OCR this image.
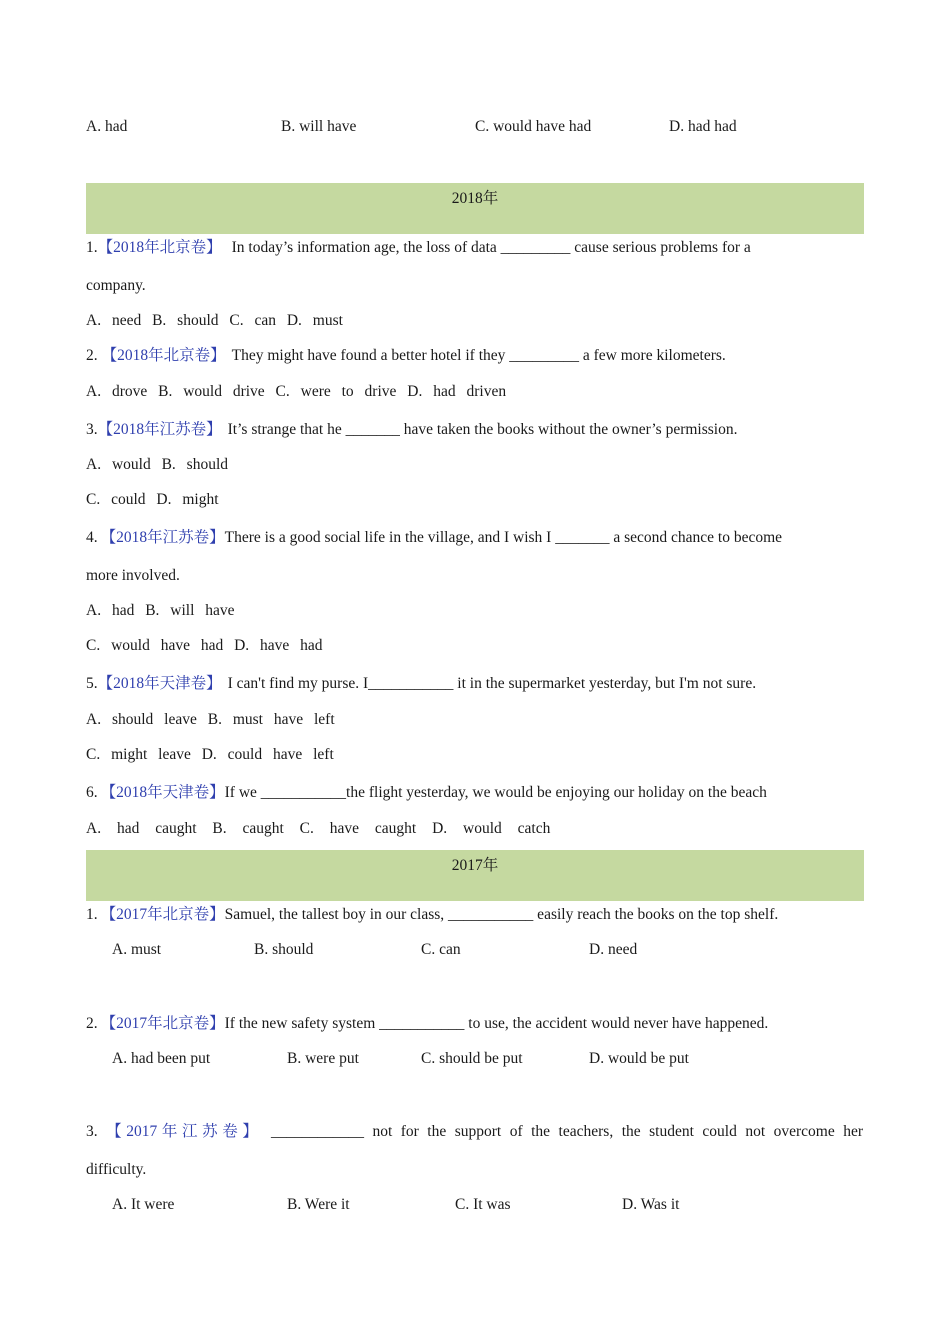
A. had	B. will have	C. would have had	D. had had
2018年
1.【2018年北京卷】 In today’s information age, the loss of data _________ cause serious problems for a
company.
A. need B. should C. can D. must
2. 【2018年北京卷】 They might have found a better hotel if they _________ a few more kilometers.
A. drove B. would drive C. were to drive D. had driven
3.【2018年江苏卷】 It’s strange that he _______ have taken the books without the owner’s permission.
A. would B. should
C. could D. might
4. 【2018年江苏卷】There is a good social life in the village, and I wish I _______ a second chance to become
more involved.
A. had B. will have
C. would have had D. have had
5.【2018年天津卷】 I can't find my purse. I___________ it in the supermarket yesterday, but I'm not sure.
A. should leave B. must have left
C. might leave D. could have left
6. 【2018年天津卷】If we ___________the flight yesterday, we would be enjoying our holiday on the beach
A. had caught B. caught C. have caught D. would catch
2017年
1. 【2017年北京卷】Samuel, the tallest boy in our class, ___________ easily reach the books on the top shelf.
A. must	B. should	C. can	D. need
2. 【2017年北京卷】If the new safety system ___________ to use, the accident would never have happened.
A. had been put	B. were put	C. should be put	D. would be put
3. 【2017年江苏卷】 ____________ not for the support of the teachers, the student could not overcome her
difficulty.
A. It were	B. Were it	C. It was	D. Was it
